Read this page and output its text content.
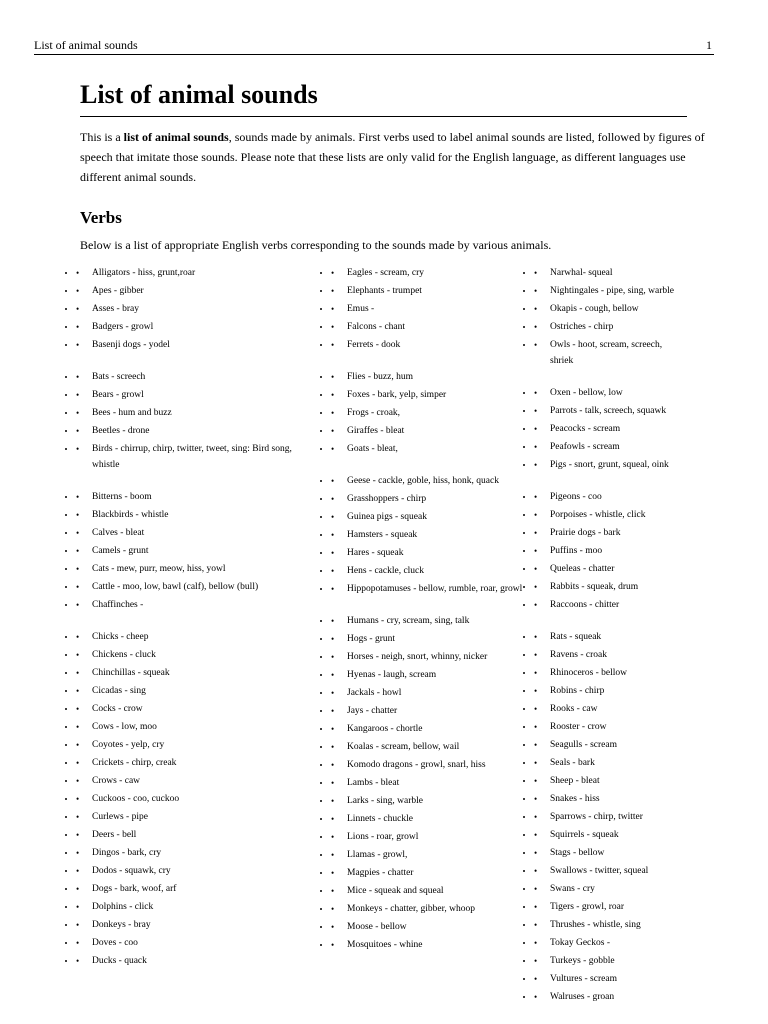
List of animal sounds	1
List of animal sounds

This is a list of animal sounds, sounds made by animals. First verbs used to label animal sounds are listed, followed by figures of speech that imitate those sounds. Please note that these lists are only valid for the English language, as different languages use different animal sounds.

Verbs

Below is a list of appropriate English verbs corresponding to the sounds made by various animals.

• • Alligators - hiss, grunt,roar
• • Apes - gibber
• • Asses - bray
• • Badgers - growl
• • Basenji dogs - yodel
• • Bats - screech
• • Bears - growl
• • Bees - hum and buzz
• • Beetles - drone
• • Birds - chirrup, chirp, twitter, tweet, sing: Bird song, whistle
• • Bitterns - boom
• • Blackbirds - whistle
• • Calves - bleat
• • Camels - grunt
• • Cats - mew, purr, meow, hiss, yowl
• • Cattle - moo, low, bawl (calf), bellow (bull)
• • Chaffinches -
• • Chicks - cheep
• • Chickens - cluck
• • Chinchillas - squeak
• • Cicadas - sing
• • Cocks - crow
• • Cows - low, moo
• • Coyotes - yelp, cry
• • Crickets - chirp, creak
• • Crows - caw
• • Cuckoos - coo, cuckoo
• • Curlews - pipe
• • Deers - bell
• • Dingos - bark, cry
• • Dodos - squawk, cry
• • Dogs - bark, woof, arf
• • Dolphins - click
• • Donkeys - bray
• • Doves - coo
• • Ducks - quack
• • Eagles - scream, cry
• • Elephants - trumpet
• • Emus -
• • Falcons - chant
• • Ferrets - dook
• • Flies - buzz, hum
• • Foxes - bark, yelp, simper
• • Frogs - croak,
• • Giraffes - bleat
• • Goats - bleat,
• • Geese - cackle, goble, hiss, honk, quack
• • Grasshoppers - chirp
• • Guinea pigs - squeak
• • Hamsters - squeak
• • Hares - squeak
• • Hens - cackle, cluck
• • Hippopotamuses - bellow, rumble, roar, growl
• • Humans - cry, scream, sing, talk
• • Hogs - grunt
• • Horses - neigh, snort, whinny, nicker
• • Hyenas - laugh, scream
• • Jackals - howl
• • Jays - chatter
• • Kangaroos - chortle
• • Koalas - scream, bellow, wail
• • Komodo dragons - growl, snarl, hiss
• • Lambs - bleat
• • Larks - sing, warble
• • Linnets - chuckle
• • Lions - roar, growl
• • Llamas - growl,
• • Magpies - chatter
• • Mice - squeak and squeal
• • Monkeys - chatter, gibber, whoop
• • Moose - bellow
• • Mosquitoes - whine
• • Narwhal- squeal
• • Nightingales - pipe, sing, warble
• • Okapis - cough, bellow
• • Ostriches - chirp
• • Owls - hoot, scream, screech, shriek
• • Oxen - bellow, low
• • Parrots - talk, screech, squawk
• • Peacocks - scream
• • Peafowls - scream
• • Pigs - snort, grunt, squeal, oink
• • Pigeons - coo
• • Porpoises - whistle, click
• • Prairie dogs - bark
• • Puffins - moo
• • Queleas - chatter
• • Rabbits - squeak, drum
• • Raccoons - chitter
• • Rats - squeak
• • Ravens - croak
• • Rhinoceros - bellow
• • Robins - chirp
• • Rooks - caw
• • Rooster - crow
• • Seagulls - scream
• • Seals - bark
• • Sheep - bleat
• • Snakes - hiss
• • Sparrows - chirp, twitter
• • Squirrels - squeak
• • Stags - bellow
• • Swallows - twitter, squeal
• • Swans - cry
• • Tigers - growl, roar
• • Thrushes - whistle, sing
• • Tokay Geckos -
• • Turkeys - gobble
• • Vultures - scream
• • Walruses - groan
